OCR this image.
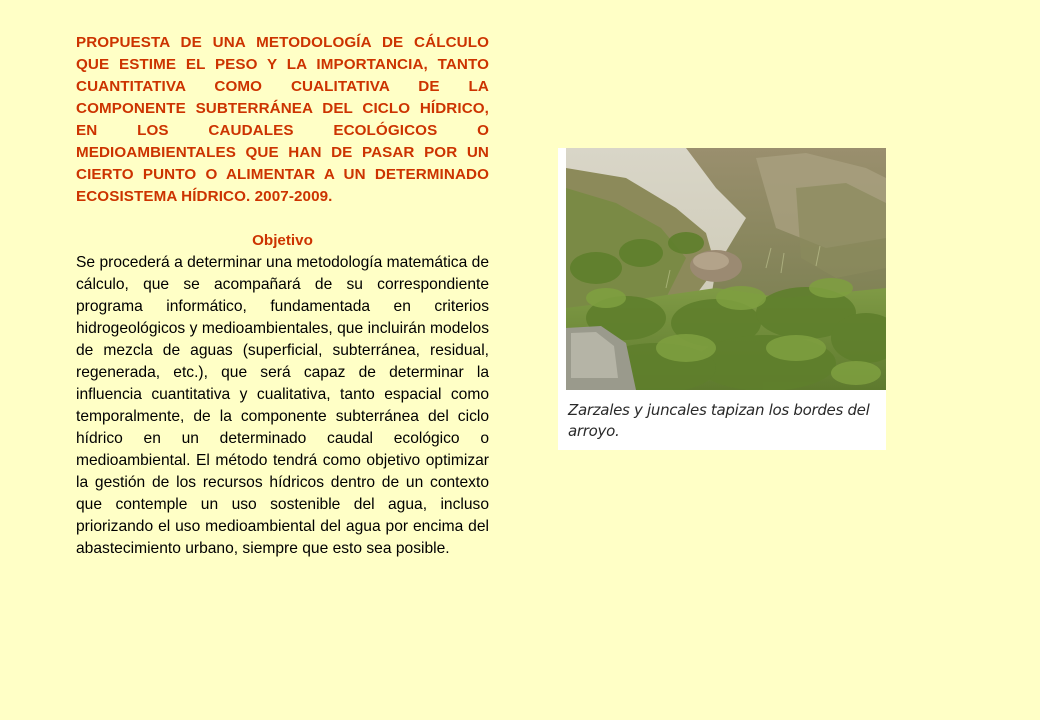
PROPUESTA DE UNA METODOLOGÍA DE CÁLCULO QUE ESTIME EL PESO Y LA IMPORTANCIA, TANTO CUANTITATIVA COMO CUALITATIVA DE LA COMPONENTE SUBTERRÁNEA DEL CICLO HÍDRICO, EN LOS CAUDALES ECOLÓGICOS O MEDIOAMBIENTALES QUE HAN DE PASAR POR UN CIERTO PUNTO O ALIMENTAR A UN DETERMINADO ECOSISTEMA HÍDRICO. 2007-2009.

Objetivo

Se procederá a determinar una metodología matemática de cálculo, que se acompañará de su correspondiente programa informático, fundamentada en criterios hidrogeológicos y medioambientales, que incluirán modelos de mezcla de aguas (superficial, subterránea, residual, regenerada, etc.), que será capaz de determinar la influencia cuantitativa y cualitativa, tanto espacial como temporalmente, de la componente subterránea del ciclo hídrico en un determinado caudal ecológico o medioambiental. El método tendrá como objetivo optimizar la gestión de los recursos hídricos dentro de un contexto que contemple un uso sostenible del agua, incluso priorizando el uso medioambiental del agua por encima del abastecimiento urbano, siempre que esto sea posible.

Zarzales y juncales tapizan los bordes del arroyo.
